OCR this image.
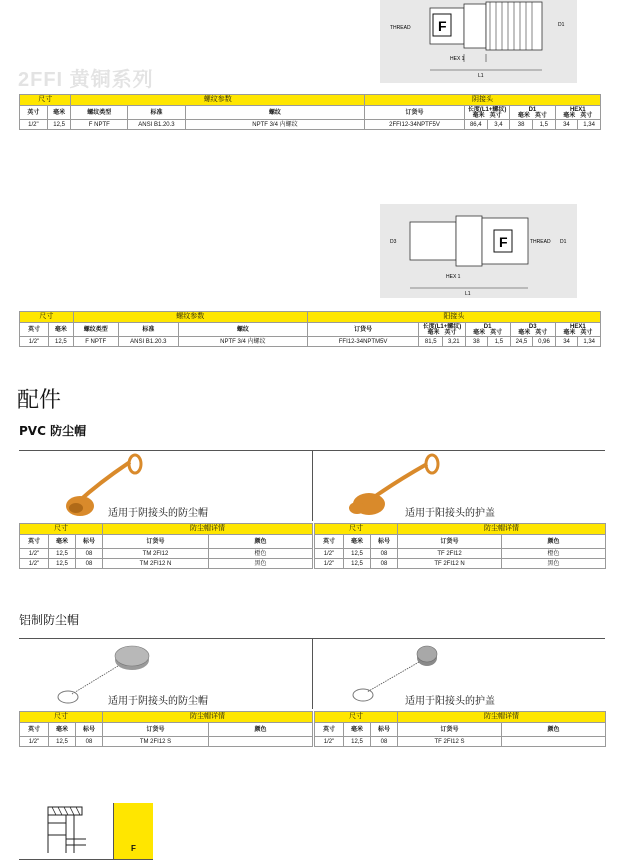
F
THREAD	D1
HEX 1
L1
2FFI 黄铜系列
尺寸		螺纹参数			阴接头						
英寸	毫米	螺纹类型	标准	螺纹	订货号	长度(L1+螺纹)
毫米 英寸		D1
毫米 英寸		HEX1
毫米 英寸	
1/2"	12,5	F NPTF	ANSI B1.20.3	NPTF 3/4 内螺纹	2FFI12-34NPTF5V	86,4	3,4	38	1,5	34	1,34
F
D3	THREAD D1
HEX 1
L1
尺寸		螺纹参数			阳接头								
英寸	毫米	螺纹类型	标准	螺纹	订货号	长度(L1+螺纹)
毫米 英寸		D1
毫米 英寸		D3
毫米 英寸		HEX1
毫米 英寸	
1/2"	12,5	F NPTF	ANSI B1.20.3	NPTF 3/4 内螺纹	FFI12-34NPTM5V	81,5	3,21	38	1,5	24,5	0,96	34	1,34
配件
PVC 防尘帽
适用于阴接头的防尘帽	适用于阳接头的护盖
尺寸			防尘帽详情	
英寸	毫米	标号	订货号	颜色
1/2"	12,5	08	TM 2FI12	橙色
1/2"	12,5	08	TM 2FI12 N	黑色
尺寸			防尘帽详情	
英寸	毫米	标号	订货号	颜色
1/2"	12,5	08	TF 2FI12	橙色
1/2"	12,5	08	TF 2FI12 N	黑色
铝制防尘帽
适用于阴接头的防尘帽	适用于阳接头的护盖
尺寸			防尘帽详情	
英寸	毫米	标号	订货号	颜色
1/2"	12,5	08	TM 2FI12 S	
尺寸			防尘帽详情	
英寸	毫米	标号	订货号	颜色
1/2"	12,5	08	TF 2FI12 S	
F
